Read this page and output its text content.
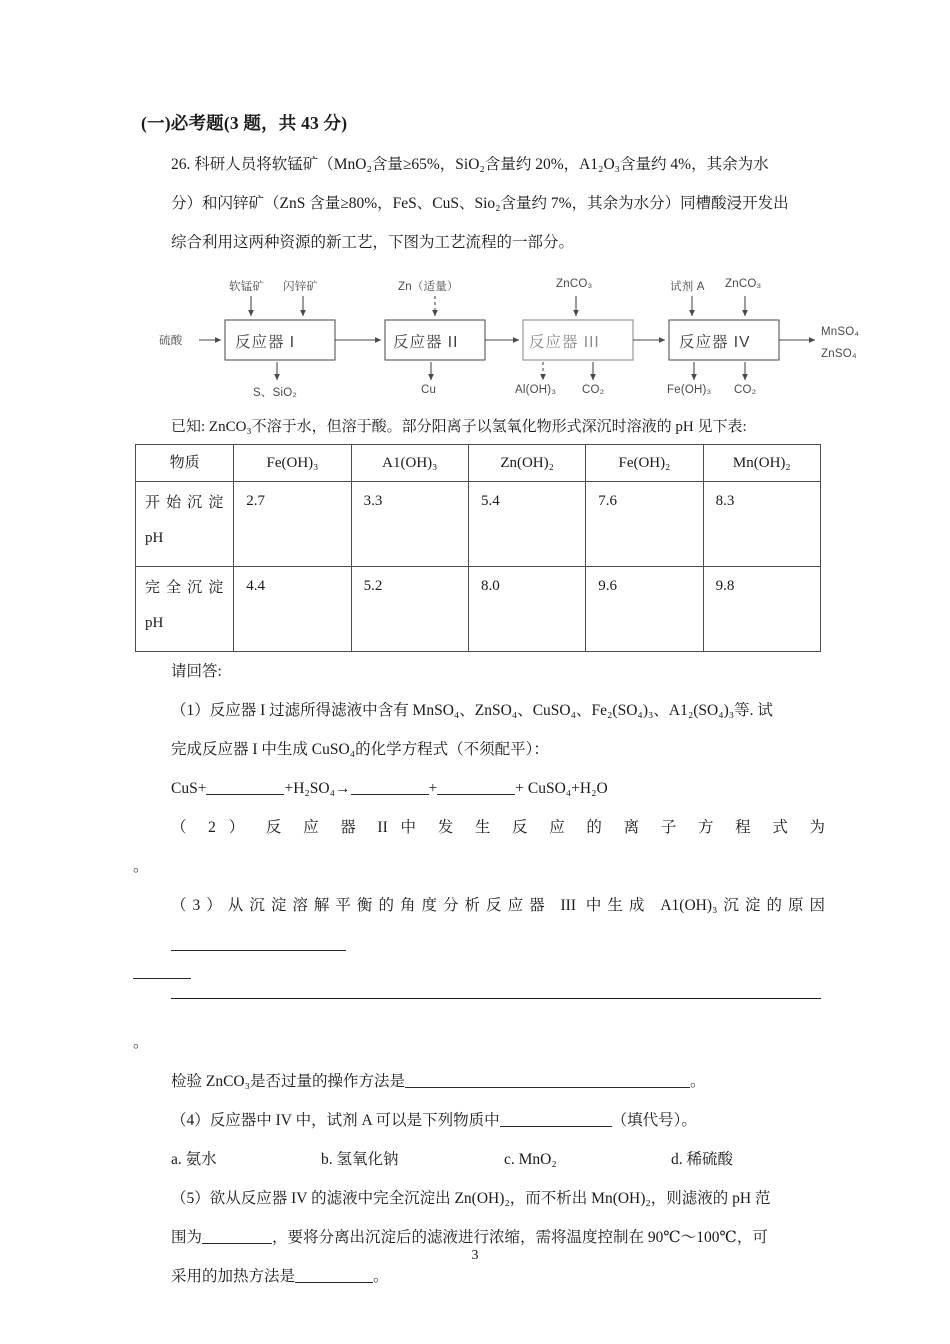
(一)必考题(3 题，共 43 分)
26. 科研人员将软锰矿（MnO₂含量≥65%，SiO₂含量约 20%，A1₂O₃含量约 4%，其余为水
分）和闪锌矿（ZnS 含量≥80%，FeS、CuS、Sio₂含量约 7%，其余为水分）同槽酸浸开发出
综合利用这两种资源的新工艺，下图为工艺流程的一部分。
硫酸	反应器 I	反应器 II	反应器 III	反应器 IV
软锰矿 闪锌矿	Zn（适量）	ZnCO₃	试剂 A ZnCO₃
S、SiO₂	Cu	Al(OH)₃ CO₂	Fe(OH)₃ CO₂
MnSO₄
ZnSO₄
已知: ZnCO₃不溶于水，但溶于酸。部分阳离子以氢氧化物形式深沉时溶液的 pH 见下表:
物质	Fe(OH)₃	A1(OH)₃	Zn(OH)₂	Fe(OH)₂	Mn(OH)₂

开 始 沉 淀
pH	2.7	3.3	5.4	7.6	8.3

完 全 沉 淀
pH	4.4	5.2	8.0	9.6	9.8
请回答:
（1）反应器 I 过滤所得滤液中含有 MnSO₄、ZnSO₄、CuSO₄、Fe₂(SO₄)₃、A1₂(SO₄)₃等. 试
完成反应器 I 中生成 CuSO₄的化学方程式（不须配平）：
CuS+	+H₂SO₄→	+	+ CuSO₄+H₂O
（ 2 ） 反 应 器 II 中 发 生 反 应 的 离 子 方 程 式 为
。
（3）从沉淀溶解平衡的角度分析反应器 III 中生成 A1(OH)₃沉淀的原因
。
检验 ZnCO₃是否过量的操作方法是	。
（4）反应器中 IV 中，试剂 A 可以是下列物质中	（填代号）。
a. 氨水	b. 氢氧化钠	c. MnO₂	d. 稀硫酸
（5）欲从反应器 IV 的滤液中完全沉淀出 Zn(OH)₂，而不析出 Mn(OH)₂，则滤液的 pH 范
围为	，要将分离出沉淀后的滤液进行浓缩，需将温度控制在 90℃～100℃，可
采用的加热方法是	。
3
